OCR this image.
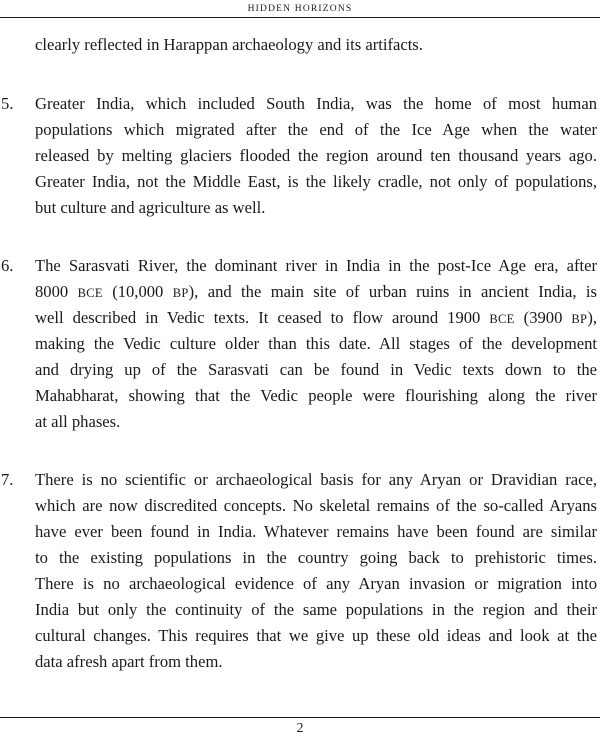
HIDDEN HORIZONS
clearly reflected in Harappan archaeology and its artifacts.
5. Greater India, which included South India, was the home of most human
populations which migrated after the end of the Ice Age when the water
released by melting glaciers flooded the region around ten thousand years ago.
Greater India, not the Middle East, is the likely cradle, not only of populations,
but culture and agriculture as well.
6. The Sarasvati River, the dominant river in India in the post-Ice Age era, after
8000 BCE (10,000 BP), and the main site of urban ruins in ancient India, is
well described in Vedic texts. It ceased to flow around 1900 BCE (3900 BP),
making the Vedic culture older than this date. All stages of the development
and drying up of the Sarasvati can be found in Vedic texts down to the
Mahabharat, showing that the Vedic people were flourishing along the river
at all phases.
7. There is no scientific or archaeological basis for any Aryan or Dravidian race,
which are now discredited concepts. No skeletal remains of the so-called Aryans
have ever been found in India. Whatever remains have been found are similar
to the existing populations in the country going back to prehistoric times.
There is no archaeological evidence of any Aryan invasion or migration into
India but only the continuity of the same populations in the region and their
cultural changes. This requires that we give up these old ideas and look at the
data afresh apart from them.
2
